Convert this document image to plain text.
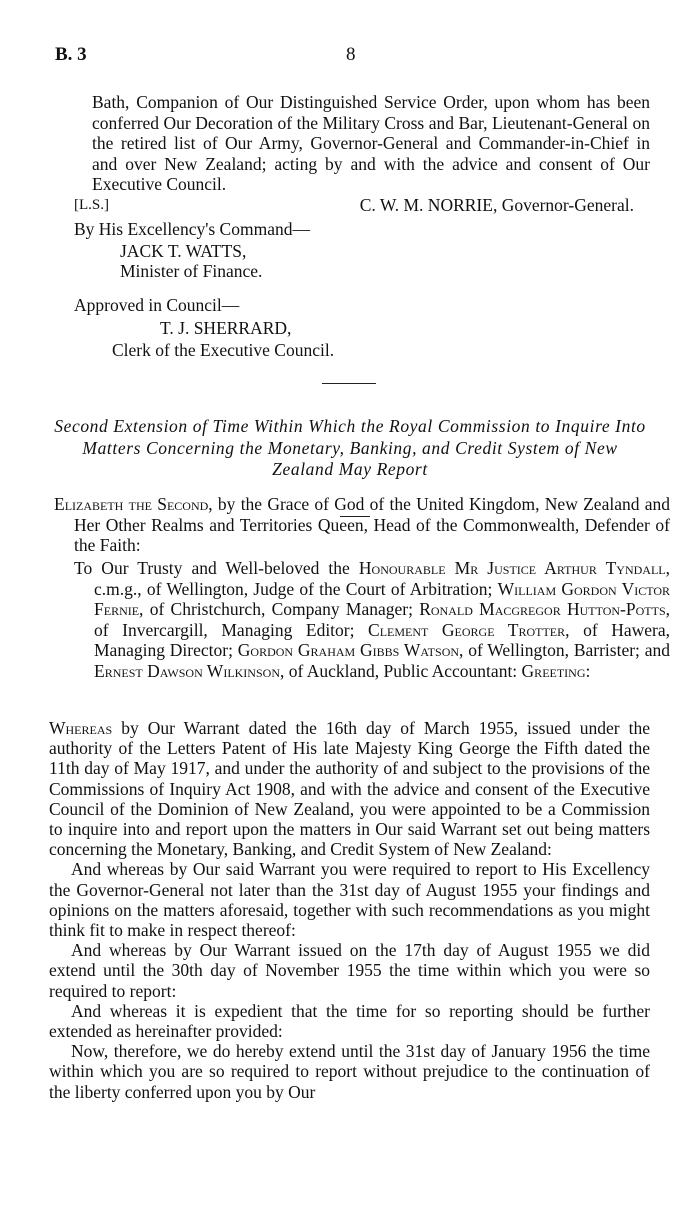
B. 3	8

Bath, Companion of Our Distinguished Service Order, upon whom has been conferred Our Decoration of the Military Cross and Bar, Lieutenant-General on the retired list of Our Army, Governor-General and Commander-in-Chief in and over New Zealand; acting by and with the advice and consent of Our Executive Council.

[L.S.]	C. W. M. NORRIE, Governor-General.

By His Excellency's Command—

JACK T. WATTS,

Minister of Finance.

Approved in Council—

T. J. SHERRARD,

Clerk of the Executive Council.

Second Extension of Time Within Which the Royal Commission to Inquire Into Matters Concerning the Monetary, Banking, and Credit System of New Zealand May Report

Elizabeth the Second, by the Grace of God of the United Kingdom, New Zealand and Her Other Realms and Territories Queen, Head of the Commonwealth, Defender of the Faith:

To Our Trusty and Well-beloved the Honourable Mr Justice Arthur Tyndall, c.m.g., of Wellington, Judge of the Court of Arbitration; William Gordon Victor Fernie, of Christchurch, Company Manager; Ronald Macgregor Hutton-Potts, of Invercargill, Managing Editor; Clement George Trotter, of Hawera, Managing Director; Gordon Graham Gibbs Watson, of Wellington, Barrister; and Ernest Dawson Wilkinson, of Auckland, Public Accountant: Greeting:

Whereas by Our Warrant dated the 16th day of March 1955, issued under the authority of the Letters Patent of His late Majesty King George the Fifth dated the 11th day of May 1917, and under the authority of and subject to the provisions of the Commissions of Inquiry Act 1908, and with the advice and consent of the Executive Council of the Dominion of New Zealand, you were appointed to be a Commission to inquire into and report upon the matters in Our said Warrant set out being matters concerning the Monetary, Banking, and Credit System of New Zealand:

And whereas by Our said Warrant you were required to report to His Excellency the Governor-General not later than the 31st day of August 1955 your findings and opinions on the matters aforesaid, together with such recommendations as you might think fit to make in respect thereof:

And whereas by Our Warrant issued on the 17th day of August 1955 we did extend until the 30th day of November 1955 the time within which you were so required to report:

And whereas it is expedient that the time for so reporting should be further extended as hereinafter provided:

Now, therefore, we do hereby extend until the 31st day of January 1956 the time within which you are so required to report without prejudice to the continuation of the liberty conferred upon you by Our
